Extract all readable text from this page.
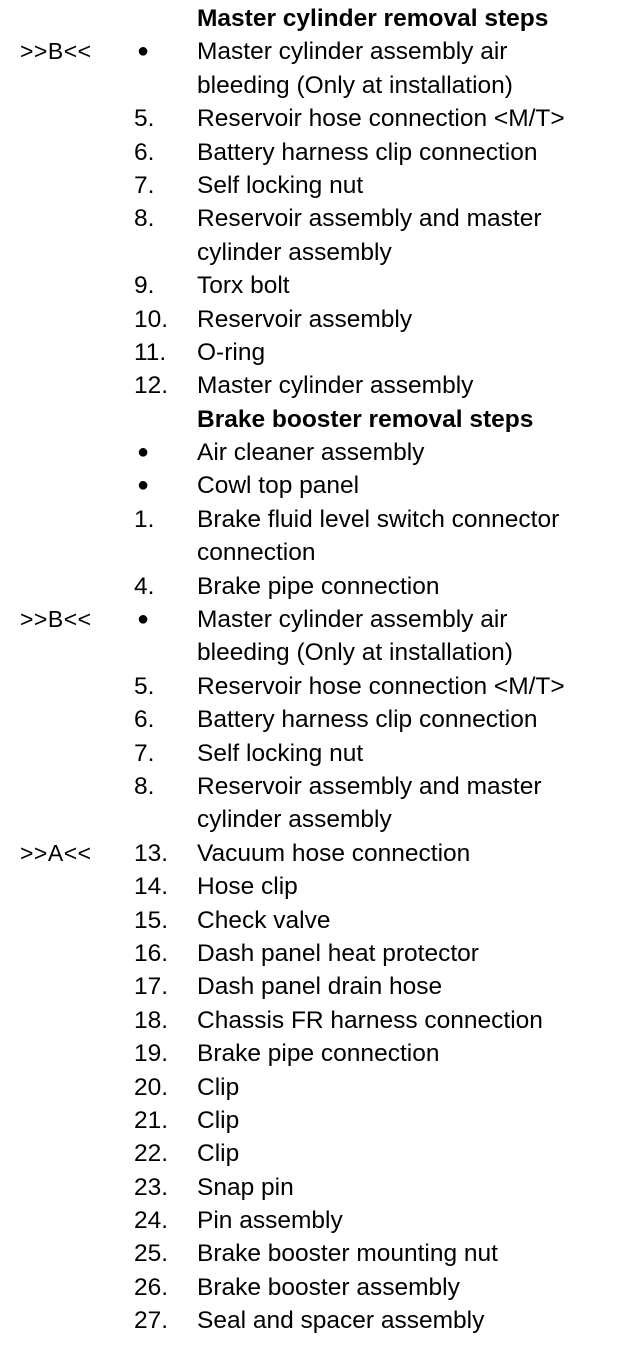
Master cylinder removal steps
>>B<< ● Master cylinder assembly air
bleeding (Only at installation)
5. Reservoir hose connection <M/T>
6. Battery harness clip connection
7. Self locking nut
8. Reservoir assembly and master
cylinder assembly
9. Torx bolt
10. Reservoir assembly
11. O-ring
12. Master cylinder assembly
Brake booster removal steps
● Air cleaner assembly
● Cowl top panel
1. Brake fluid level switch connector
connection
4. Brake pipe connection
>>B<< ● Master cylinder assembly air
bleeding (Only at installation)
5. Reservoir hose connection <M/T>
6. Battery harness clip connection
7. Self locking nut
8. Reservoir assembly and master
cylinder assembly
>>A<< 13. Vacuum hose connection
14. Hose clip
15. Check valve
16. Dash panel heat protector
17. Dash panel drain hose
18. Chassis FR harness connection
19. Brake pipe connection
20. Clip
21. Clip
22. Clip
23. Snap pin
24. Pin assembly
25. Brake booster mounting nut
26. Brake booster assembly
27. Seal and spacer assembly
